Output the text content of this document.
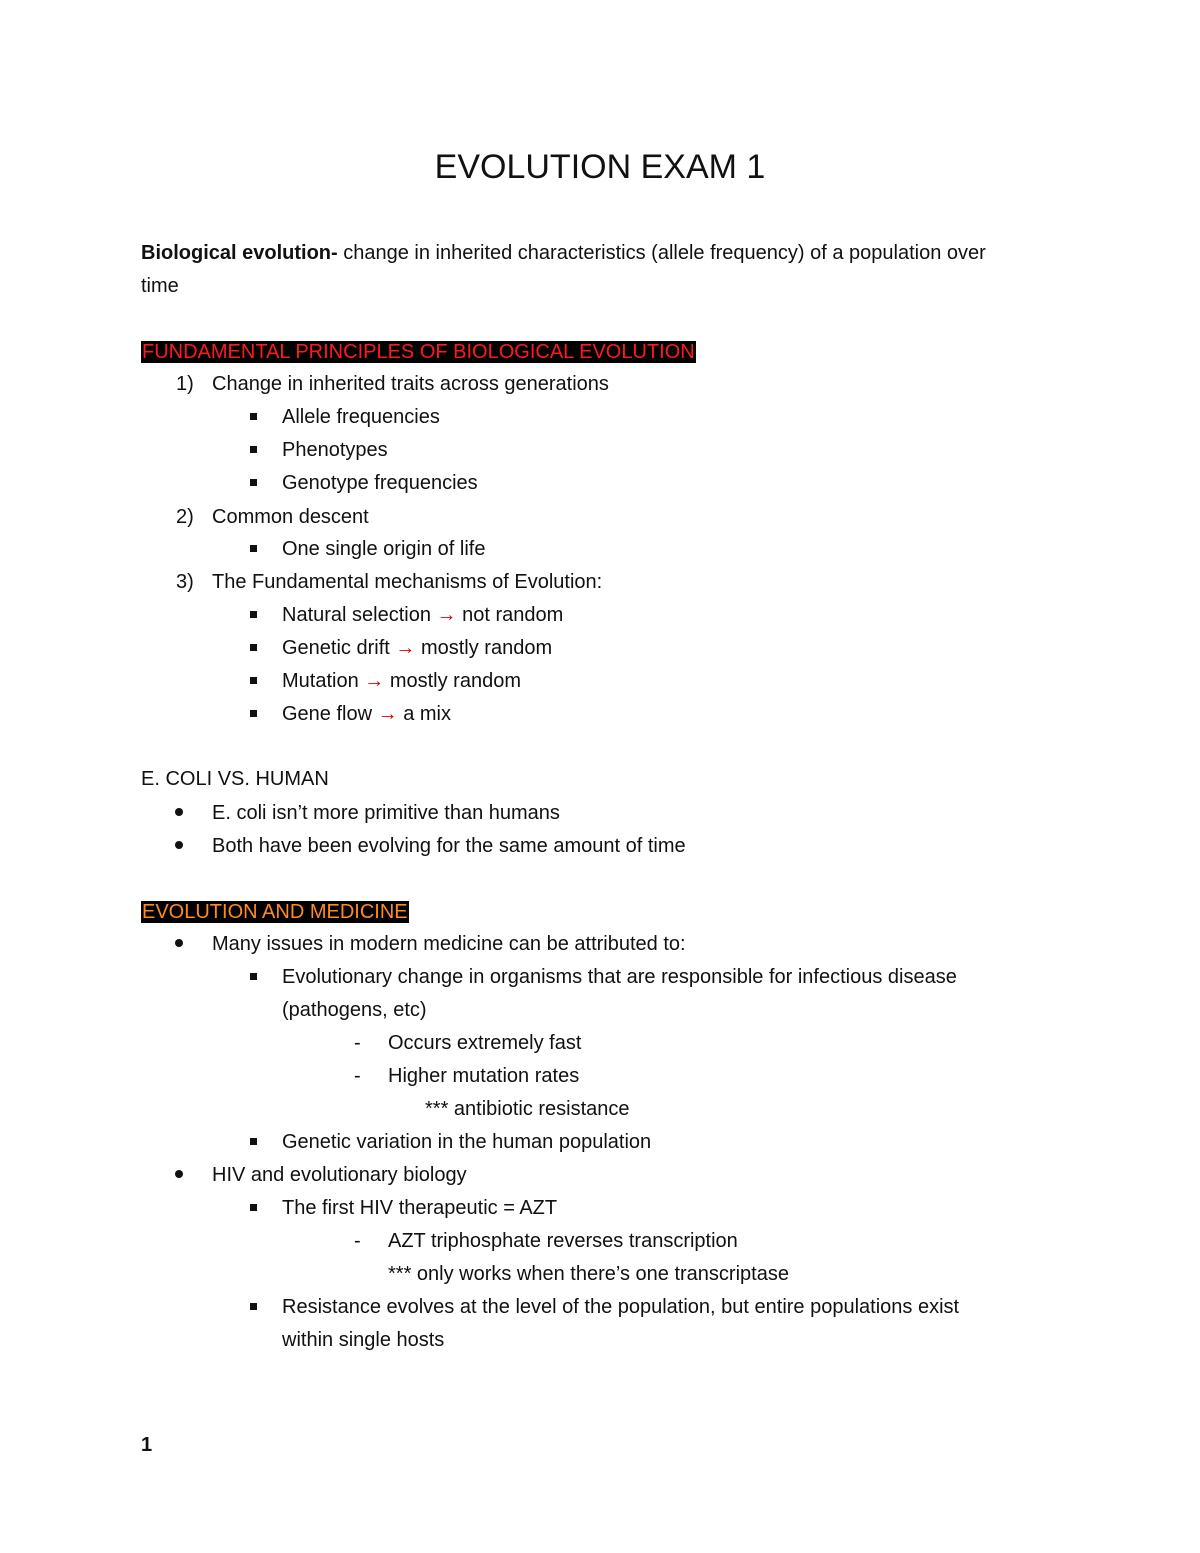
EVOLUTION EXAM 1
Biological evolution- change in inherited characteristics (allele frequency) of a population over
time
FUNDAMENTAL PRINCIPLES OF BIOLOGICAL EVOLUTION
1) Change in inherited traits across generations
Allele frequencies
Phenotypes
Genotype frequencies
2) Common descent
One single origin of life
3) The Fundamental mechanisms of Evolution:
Natural selection → not random
Genetic drift → mostly random
Mutation → mostly random
Gene flow → a mix
E. COLI VS. HUMAN
E. coli isn’t more primitive than humans
Both have been evolving for the same amount of time
EVOLUTION AND MEDICINE
Many issues in modern medicine can be attributed to:
Evolutionary change in organisms that are responsible for infectious disease
(pathogens, etc)
- Occurs extremely fast
- Higher mutation rates
*** antibiotic resistance
Genetic variation in the human population
HIV and evolutionary biology
The first HIV therapeutic = AZT
- AZT triphosphate reverses transcription
*** only works when there’s one transcriptase
Resistance evolves at the level of the population, but entire populations exist
within single hosts
1
